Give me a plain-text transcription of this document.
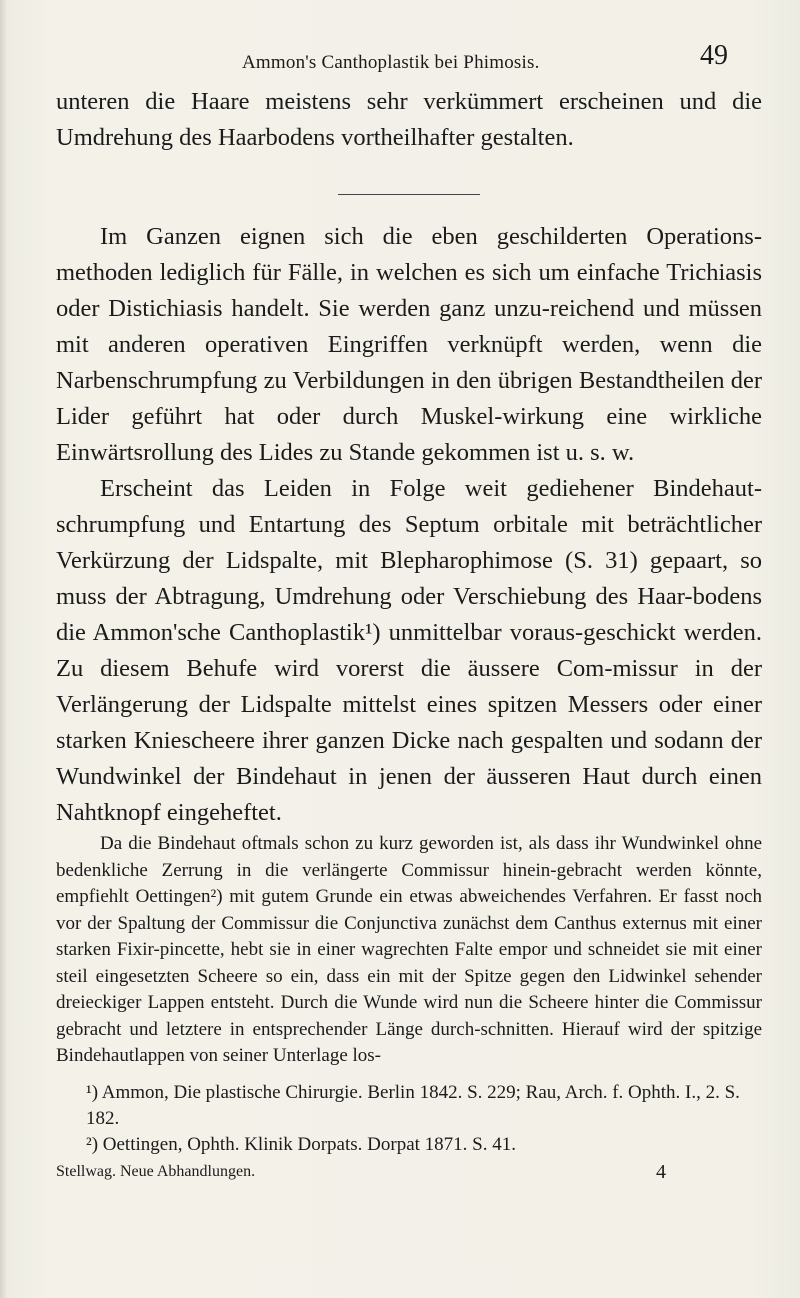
Ammon's Canthoplastik bei Phimosis.	49

unteren die Haare meistens sehr verkümmert erscheinen und die Umdrehung des Haarbodens vortheilhafter gestalten.

Im Ganzen eignen sich die eben geschilderten Operations-methoden lediglich für Fälle, in welchen es sich um einfache Trichiasis oder Distichiasis handelt. Sie werden ganz unzu-reichend und müssen mit anderen operativen Eingriffen verknüpft werden, wenn die Narbenschrumpfung zu Verbildungen in den übrigen Bestandtheilen der Lider geführt hat oder durch Muskel-wirkung eine wirkliche Einwärtsrollung des Lides zu Stande gekommen ist u. s. w.

Erscheint das Leiden in Folge weit gediehener Bindehaut-schrumpfung und Entartung des Septum orbitale mit beträchtlicher Verkürzung der Lidspalte, mit Blepharophimose (S. 31) gepaart, so muss der Abtragung, Umdrehung oder Verschiebung des Haar-bodens die Ammon'sche Canthoplastik¹) unmittelbar voraus-geschickt werden. Zu diesem Behufe wird vorerst die äussere Com-missur in der Verlängerung der Lidspalte mittelst eines spitzen Messers oder einer starken Kniescheere ihrer ganzen Dicke nach gespalten und sodann der Wundwinkel der Bindehaut in jenen der äusseren Haut durch einen Nahtknopf eingeheftet.

Da die Bindehaut oftmals schon zu kurz geworden ist, als dass ihr Wundwinkel ohne bedenkliche Zerrung in die verlängerte Commissur hinein-gebracht werden könnte, empfiehlt Oettingen²) mit gutem Grunde ein etwas abweichendes Verfahren. Er fasst noch vor der Spaltung der Commissur die Conjunctiva zunächst dem Canthus externus mit einer starken Fixir-pincette, hebt sie in einer wagrechten Falte empor und schneidet sie mit einer steil eingesetzten Scheere so ein, dass ein mit der Spitze gegen den Lidwinkel sehender dreieckiger Lappen entsteht. Durch die Wunde wird nun die Scheere hinter die Commissur gebracht und letztere in entsprechender Länge durch-schnitten. Hierauf wird der spitzige Bindehautlappen von seiner Unterlage los-

¹) Ammon, Die plastische Chirurgie. Berlin 1842. S. 229; Rau, Arch. f. Ophth. I., 2. S. 182.

²) Oettingen, Ophth. Klinik Dorpats. Dorpat 1871. S. 41.

Stellwag. Neue Abhandlungen.	4
